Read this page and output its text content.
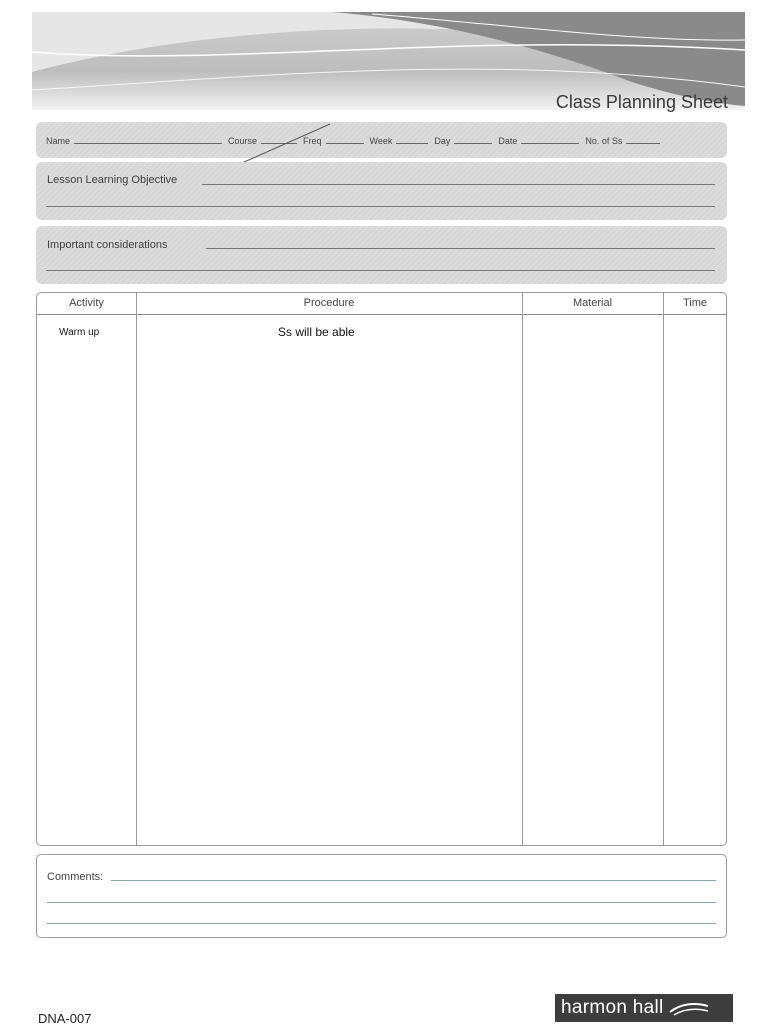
Class Planning Sheet
Name	Course	Freq	Week	Day	Date	No. of Ss
Lesson Learning Objective
Important considerations
Activity	Procedure	Material	Time
Warm up	Ss will be able
Comments:
DNA-007
harmon hall
